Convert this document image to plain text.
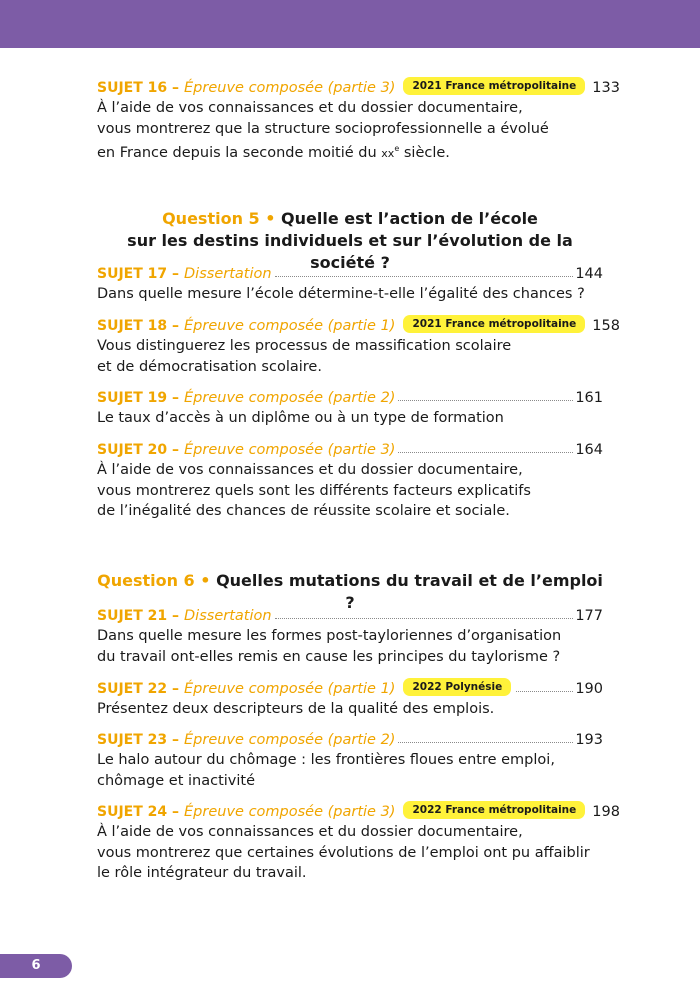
SUJET 16 – Épreuve composée (partie 3)	2021 France métropolitaine	133

À l’aide de vos connaissances et du dossier documentaire,

vous montrerez que la structure socioprofessionnelle a évolué

en France depuis la seconde moitié du $xx^e$ siècle.

Question 5 • Quelle est l’action de l’école
sur les destins individuels et sur l’évolution de la société ?
SUJET 17 – Dissertation	144

Dans quelle mesure l’école détermine-t-elle l’égalité des chances ?

SUJET 18 – Épreuve composée (partie 1)	2021 France métropolitaine	158

Vous distinguerez les processus de massification scolaire

et de démocratisation scolaire.

SUJET 19 – Épreuve composée (partie 2)	161

Le taux d’accès à un diplôme ou à un type de formation

SUJET 20 – Épreuve composée (partie 3)	164

À l’aide de vos connaissances et du dossier documentaire,

vous montrerez quels sont les différents facteurs explicatifs

de l’inégalité des chances de réussite scolaire et sociale.

Question 6 • Quelles mutations du travail et de l’emploi ?
SUJET 21 – Dissertation	177

Dans quelle mesure les formes post-tayloriennes d’organisation

du travail ont-elles remis en cause les principes du taylorisme ?

SUJET 22 – Épreuve composée (partie 1)	2022 Polynésie	190

Présentez deux descripteurs de la qualité des emplois.

SUJET 23 – Épreuve composée (partie 2)	193

Le halo autour du chômage : les frontières floues entre emploi,

chômage et inactivité

SUJET 24 – Épreuve composée (partie 3)	2022 France métropolitaine	198

À l’aide de vos connaissances et du dossier documentaire,

vous montrerez que certaines évolutions de l’emploi ont pu affaiblir

le rôle intégrateur du travail.

6
